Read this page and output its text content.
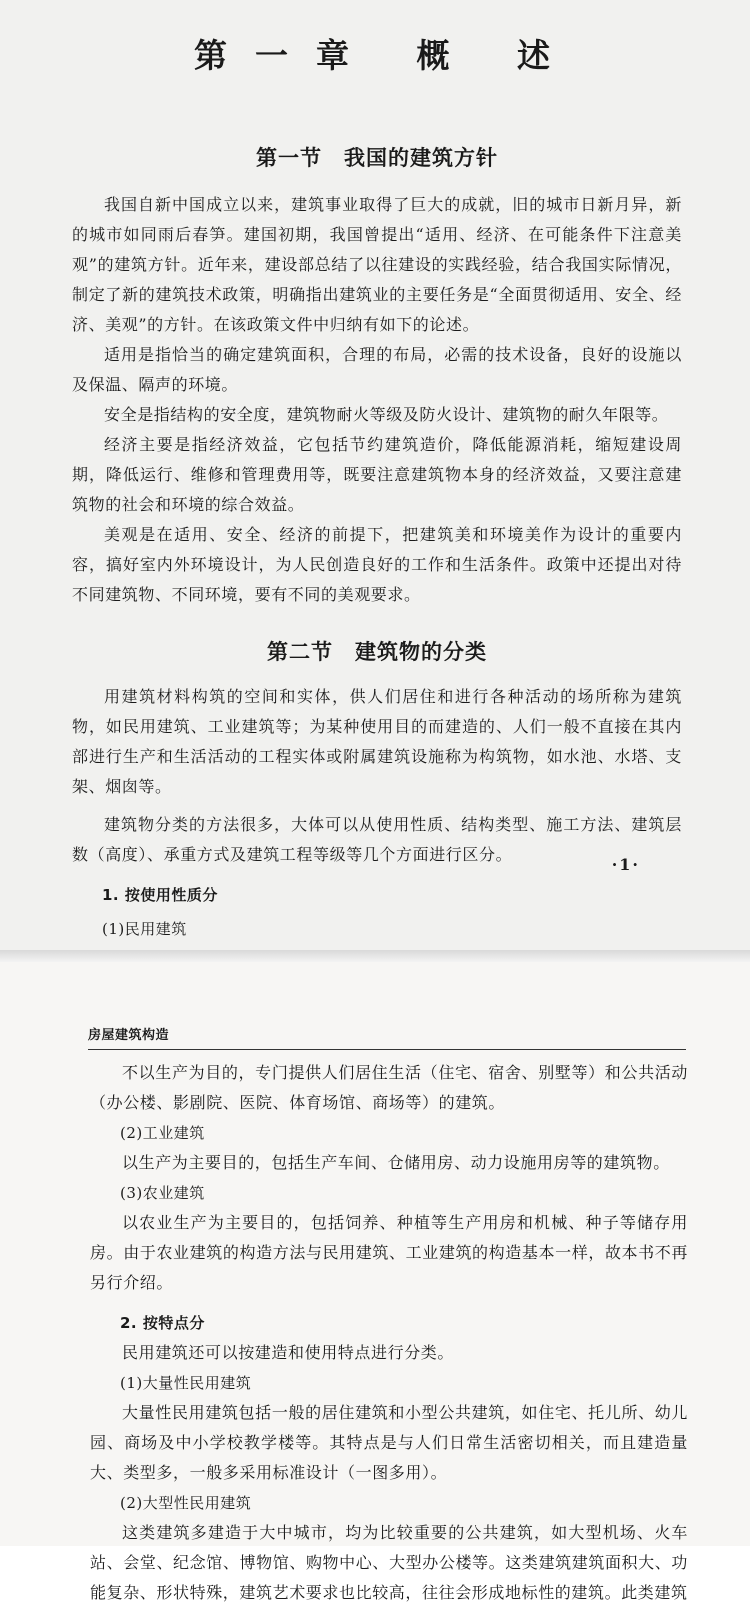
第一章 概 述
第一节　我国的建筑方针

我国自新中国成立以来，建筑事业取得了巨大的成就，旧的城市日新月异，新的城市如同雨后春笋。建国初期，我国曾提出“适用、经济、在可能条件下注意美观”的建筑方针。近年来，建设部总结了以往建设的实践经验，结合我国实际情况，制定了新的建筑技术政策，明确指出建筑业的主要任务是“全面贯彻适用、安全、经济、美观”的方针。在该政策文件中归纳有如下的论述。

适用是指恰当的确定建筑面积，合理的布局，必需的技术设备，良好的设施以及保温、隔声的环境。

安全是指结构的安全度，建筑物耐火等级及防火设计、建筑物的耐久年限等。

经济主要是指经济效益，它包括节约建筑造价，降低能源消耗，缩短建设周期，降低运行、维修和管理费用等，既要注意建筑物本身的经济效益，又要注意建筑物的社会和环境的综合效益。

美观是在适用、安全、经济的前提下，把建筑美和环境美作为设计的重要内容，搞好室内外环境设计，为人民创造良好的工作和生活条件。政策中还提出对待不同建筑物、不同环境，要有不同的美观要求。

第二节　建筑物的分类

用建筑材料构筑的空间和实体，供人们居住和进行各种活动的场所称为建筑物，如民用建筑、工业建筑等；为某种使用目的而建造的、人们一般不直接在其内部进行生产和生活活动的工程实体或附属建筑设施称为构筑物，如水池、水塔、支架、烟囱等。

建筑物分类的方法很多，大体可以从使用性质、结构类型、施工方法、建筑层数（高度）、承重方式及建筑工程等级等几个方面进行区分。

1. 按使用性质分

(1)民用建筑

·1·
房屋建筑构造

不以生产为目的，专门提供人们居住生活（住宅、宿舍、别墅等）和公共活动（办公楼、影剧院、医院、体育场馆、商场等）的建筑。

(2)工业建筑

以生产为主要目的，包括生产车间、仓储用房、动力设施用房等的建筑物。

(3)农业建筑

以农业生产为主要目的，包括饲养、种植等生产用房和机械、种子等储存用房。由于农业建筑的构造方法与民用建筑、工业建筑的构造基本一样，故本书不再另行介绍。

2. 按特点分

民用建筑还可以按建造和使用特点进行分类。

(1)大量性民用建筑

大量性民用建筑包括一般的居住建筑和小型公共建筑，如住宅、托儿所、幼儿园、商场及中小学校教学楼等。其特点是与人们日常生活密切相关，而且建造量大、类型多，一般多采用标准设计（一图多用）。

(2)大型性民用建筑

这类建筑多建造于大中城市，均为比较重要的公共建筑，如大型机场、火车站、会堂、纪念馆、博物馆、购物中心、大型办公楼等。这类建筑建筑面积大、功能复杂、形状特殊，建筑艺术要求也比较高，往往会形成地标性的建筑。此类建筑
